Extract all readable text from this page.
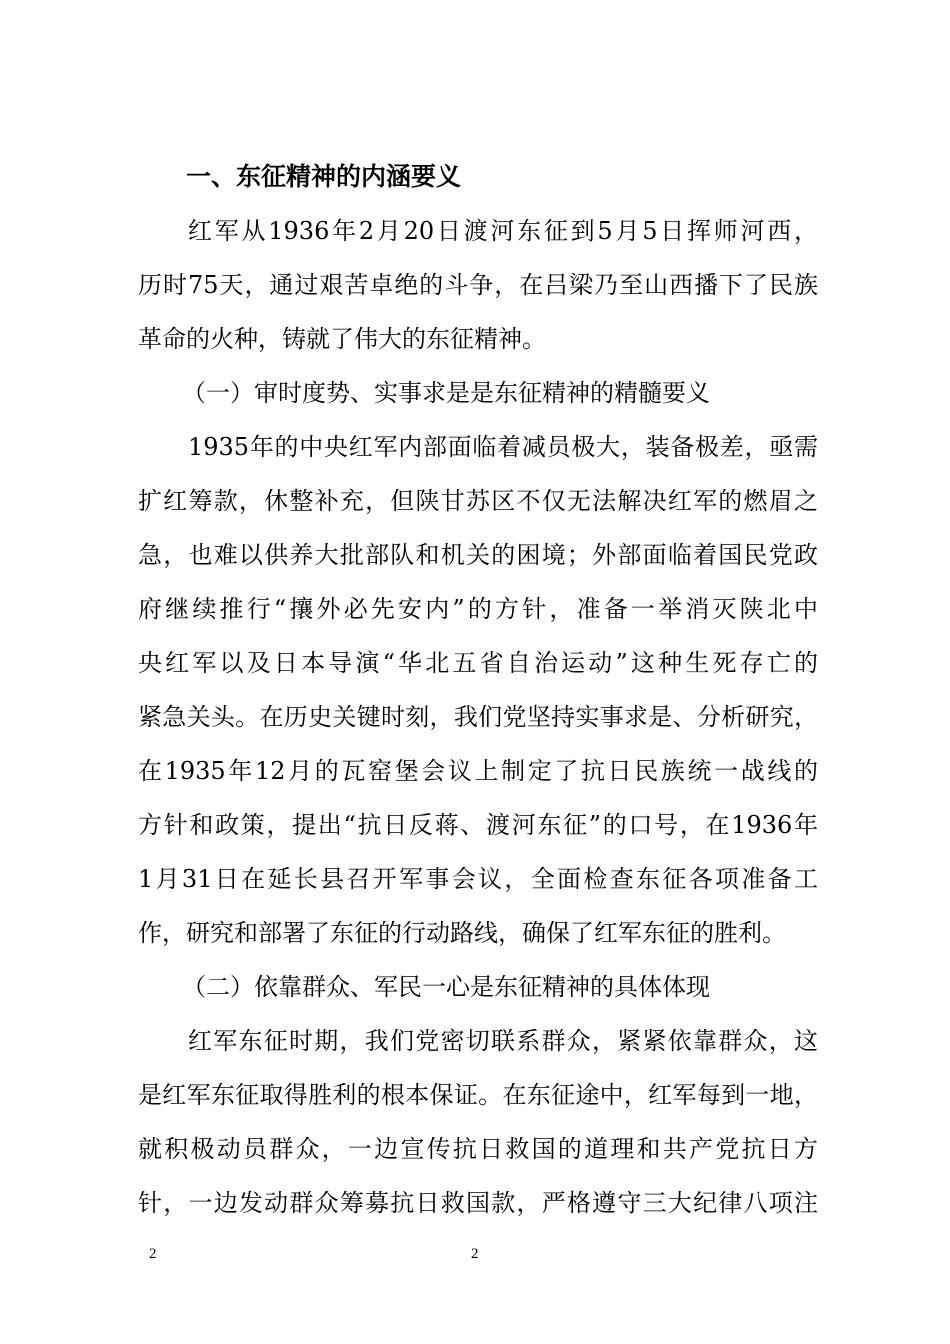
一、东征精神的内涵要义
红军从1936年2月20日渡河东征到5月5日挥师河西，
历时75天，通过艰苦卓绝的斗争，在吕梁乃至山西播下了民族
革命的火种，铸就了伟大的东征精神。
（一）审时度势、实事求是是东征精神的精髓要义
1935年的中央红军内部面临着减员极大，装备极差，亟需
扩红筹款，休整补充，但陕甘苏区不仅无法解决红军的燃眉之
急，也难以供养大批部队和机关的困境；外部面临着国民党政
府继续推行“攘外必先安内”的方针，准备一举消灭陕北中
央红军以及日本导演“华北五省自治运动”这种生死存亡的
紧急关头。在历史关键时刻，我们党坚持实事求是、分析研究，
在1935年12月的瓦窑堡会议上制定了抗日民族统一战线的
方针和政策，提出“抗日反蒋、渡河东征”的口号，在1936年
1月31日在延长县召开军事会议，全面检查东征各项准备工
作，研究和部署了东征的行动路线，确保了红军东征的胜利。
（二）依靠群众、军民一心是东征精神的具体体现
红军东征时期，我们党密切联系群众，紧紧依靠群众，这
是红军东征取得胜利的根本保证。在东征途中，红军每到一地，
就积极动员群众，一边宣传抗日救国的道理和共产党抗日方
针，一边发动群众筹募抗日救国款，严格遵守三大纪律八项注
2	2
